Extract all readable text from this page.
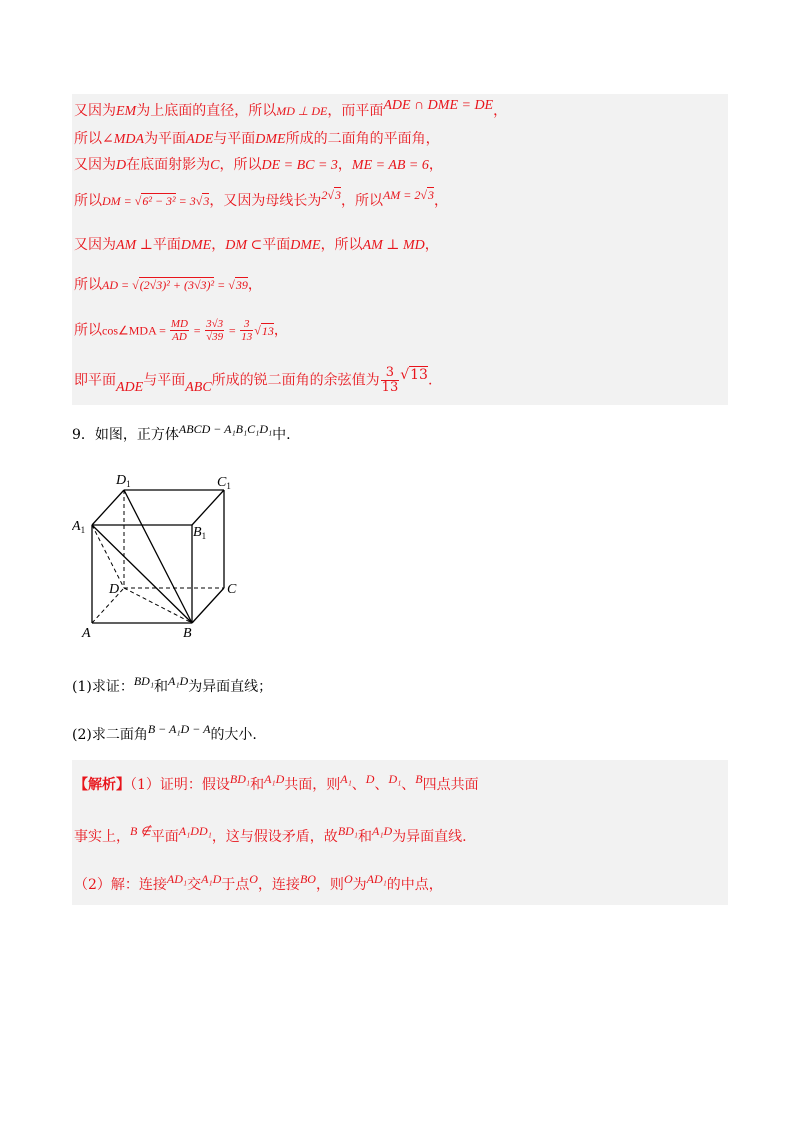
又因为EM为上底面的直径，所以MD ⊥ DE，而平面ADE ∩ DME = DE，
所以∠MDA为平面ADE与平面DME所成的二面角的平面角，
又因为D在底面射影为C，所以DE = BC = 3，ME = AB = 6，
所以DM = √6² − 3² = 3√3，又因为母线长为2√3，所以AM = 2√3，
又因为AM ⊥平面DME，DM ⊂平面DME，所以AM ⊥ MD，
所以AD = √(2√3)² + (3√3)² = √39，
所以cos∠MDA = $\frac{MD}{AD} = \frac{3√3}{√39} = \frac{3}{13} √13$，
即平面ADE与平面ABC所成的锐二面角的余弦值为 $\frac{3}{13} √13$.
9．如图，正方体ABCD − A₁B₁C₁D₁中.
$D_1$	$C_1$
$A_1$	$B_1$
D	C
A	B
(1)求证：BD₁和A₁D为异面直线；
(2)求二面角B − A₁D − A的大小.
【解析】（1）证明：假设BD₁和A₁D共面，则A₁、D、D₁、B四点共面
事实上，B ∉平面A₁DD₁，这与假设矛盾，故BD₁和A₁D为异面直线.
（2）解：连接AD₁交A₁D于点O，连接BO，则O为AD₁的中点，
